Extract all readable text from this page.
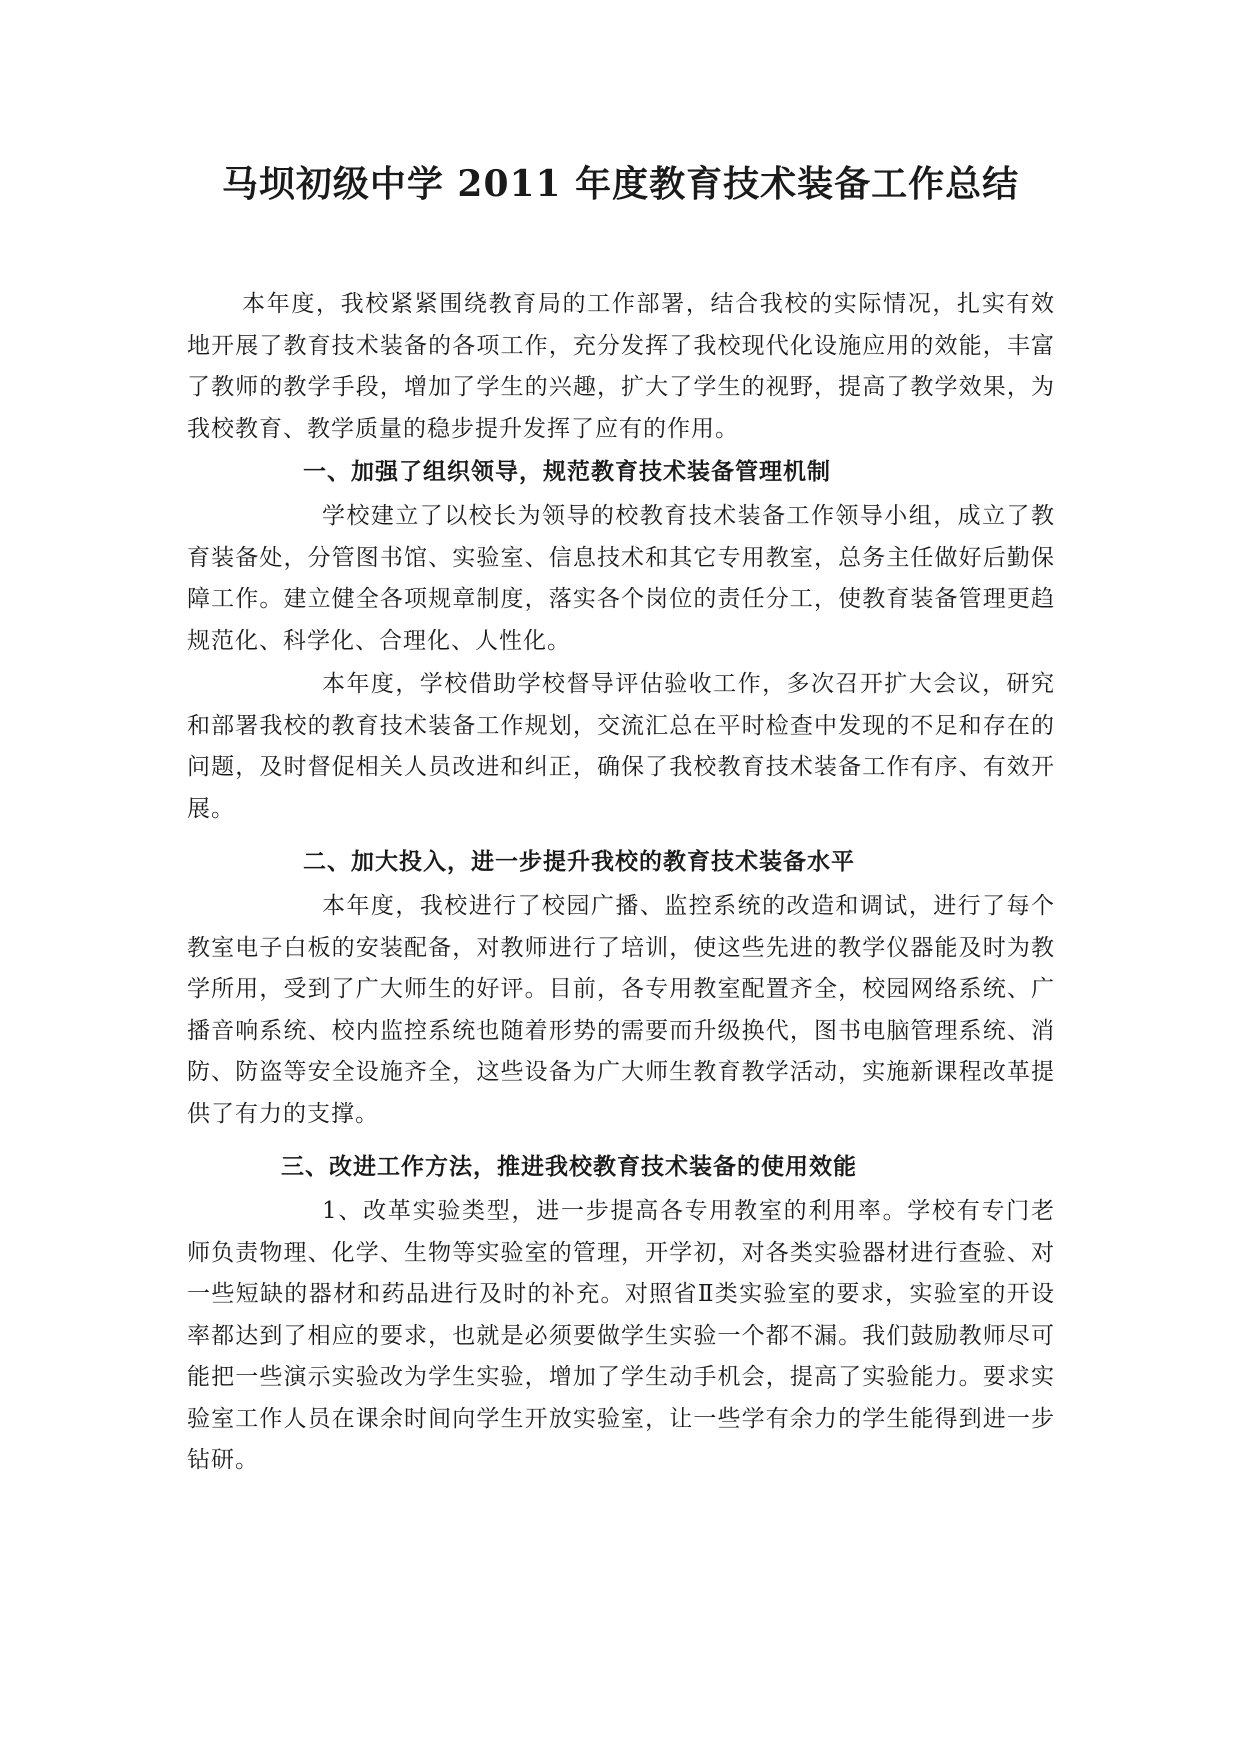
马坝初级中学 2011 年度教育技术装备工作总结

本年度，我校紧紧围绕教育局的工作部署，结合我校的实际情况，扎实有效地开展了教育技术装备的各项工作，充分发挥了我校现代化设施应用的效能，丰富了教师的教学手段，增加了学生的兴趣，扩大了学生的视野，提高了教学效果，为我校教育、教学质量的稳步提升发挥了应有的作用。

一、加强了组织领导，规范教育技术装备管理机制

学校建立了以校长为领导的校教育技术装备工作领导小组，成立了教育装备处，分管图书馆、实验室、信息技术和其它专用教室，总务主任做好后勤保障工作。建立健全各项规章制度，落实各个岗位的责任分工，使教育装备管理更趋规范化、科学化、合理化、人性化。

本年度，学校借助学校督导评估验收工作，多次召开扩大会议，研究和部署我校的教育技术装备工作规划，交流汇总在平时检查中发现的不足和存在的问题，及时督促相关人员改进和纠正，确保了我校教育技术装备工作有序、有效开展。

二、加大投入，进一步提升我校的教育技术装备水平

本年度，我校进行了校园广播、监控系统的改造和调试，进行了每个教室电子白板的安装配备，对教师进行了培训，使这些先进的教学仪器能及时为教学所用，受到了广大师生的好评。目前，各专用教室配置齐全，校园网络系统、广播音响系统、校内监控系统也随着形势的需要而升级换代，图书电脑管理系统、消防、防盗等安全设施齐全，这些设备为广大师生教育教学活动，实施新课程改革提供了有力的支撑。

三、改进工作方法，推进我校教育技术装备的使用效能

1、改革实验类型，进一步提高各专用教室的利用率。学校有专门老师负责物理、化学、生物等实验室的管理，开学初，对各类实验器材进行查验、对一些短缺的器材和药品进行及时的补充。对照省Ⅱ类实验室的要求，实验室的开设率都达到了相应的要求，也就是必须要做学生实验一个都不漏。我们鼓励教师尽可能把一些演示实验改为学生实验，增加了学生动手机会，提高了实验能力。要求实验室工作人员在课余时间向学生开放实验室，让一些学有余力的学生能得到进一步钻研。
